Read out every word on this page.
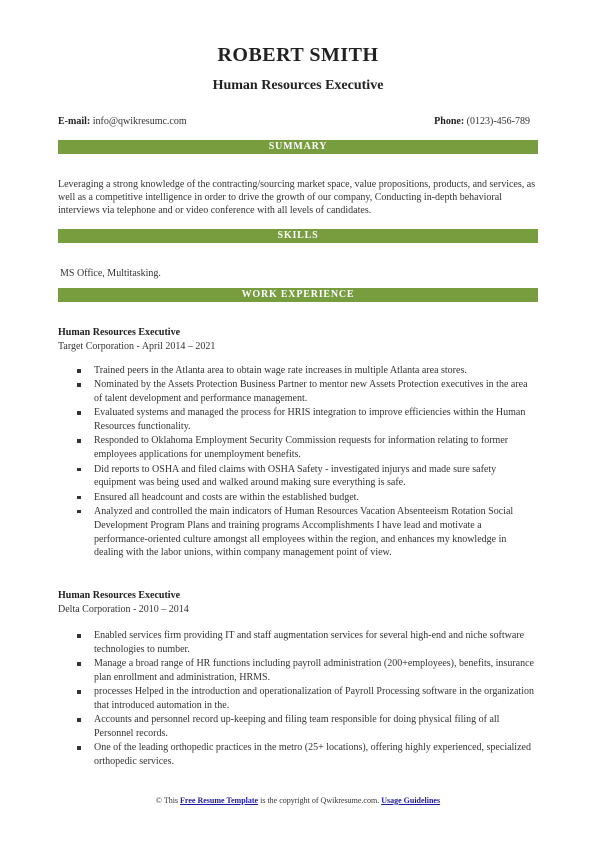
ROBERT SMITH
Human Resources Executive
E-mail: info@qwikresumc.com	Phone: (0123)-456-789
SUMMARY
Leveraging a strong knowledge of the contracting/sourcing market space, value propositions, products, and services, as well as a competitive intelligence in order to drive the growth of our company, Conducting in-depth behavioral interviews via telephone and or video conference with all levels of candidates.
SKILLS
MS Office, Multitasking.
WORK EXPERIENCE
Human Resources Executive
Target Corporation - April 2014 – 2021
Trained peers in the Atlanta area to obtain wage rate increases in multiple Atlanta area stores.
Nominated by the Assets Protection Business Partner to mentor new Assets Protection executives in the area of talent development and performance management.
Evaluated systems and managed the process for HRIS integration to improve efficiencies within the Human Resources functionality.
Responded to Oklahoma Employment Security Commission requests for information relating to former employees applications for unemployment benefits.
Did reports to OSHA and filed claims with OSHA Safety - investigated injurys and made sure safety equipment was being used and walked around making sure everything is safe.
Ensured all headcount and costs are within the established budget.
Analyzed and controlled the main indicators of Human Resources Vacation Absenteeism Rotation Social Development Program Plans and training programs Accomplishments I have lead and motivate a performance-oriented culture amongst all employees within the region, and enhances my knowledge in dealing with the labor unions, within company management point of view.
Human Resources Executive
Delta Corporation - 2010 – 2014
Enabled services firm providing IT and staff augmentation services for several high-end and niche software technologies to number.
Manage a broad range of HR functions including payroll administration (200+employees), benefits, insurance plan enrollment and administration, HRMS.
processes Helped in the introduction and operationalization of Payroll Processing software in the organization that introduced automation in the.
Accounts and personnel record up-keeping and filing team responsible for doing physical filing of all Personnel records.
One of the leading orthopedic practices in the metro (25+ locations), offering highly experienced, specialized orthopedic services.
© This Free Resume Template is the copyright of Qwikresume.com. Usage Guidelines
